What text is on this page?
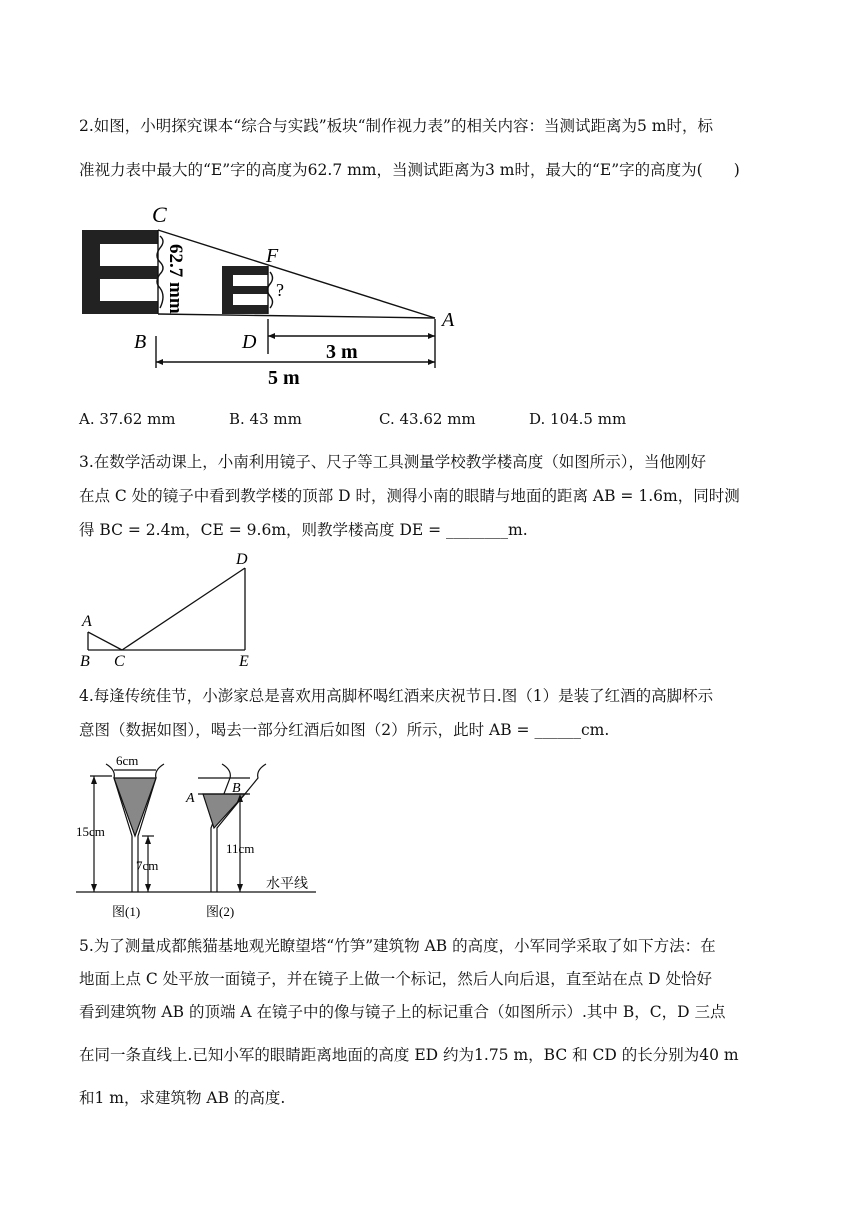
2.如图，小明探究课本“综合与实践”板块“制作视力表”的相关内容：当测试距离为5 m时，标
准视力表中最大的“E”字的高度为62.7 mm，当测试距离为3 m时，最大的“E”字的高度为(　　)
C
F
A
B	D
62.7 mm	?
3 m
5 m
A. 37.62 mm	B. 43 mm	C. 43.62 mm	D. 104.5 mm
3.在数学活动课上，小南利用镜子、尺子等工具测量学校教学楼高度（如图所示），当他刚好
在点 C 处的镜子中看到教学楼的顶部 D 时，测得小南的眼睛与地面的距离 AB = 1.6m，同时测
得 BC = 2.4m，CE = 9.6m，则教学楼高度 DE = ________m.
A
B C
D
E
4.每逢传统佳节，小澎家总是喜欢用高脚杯喝红酒来庆祝节日.图（1）是装了红酒的高脚杯示
意图（数据如图），喝去一部分红酒后如图（2）所示，此时 AB = ______cm.
6cm
15cm
7cm
11cm
A
B
水平线
图(1)	图(2)
5.为了测量成都熊猫基地观光瞭望塔“竹笋”建筑物 AB 的高度，小军同学采取了如下方法：在
地面上点 C 处平放一面镜子，并在镜子上做一个标记，然后人向后退，直至站在点 D 处恰好
看到建筑物 AB 的顶端 A 在镜子中的像与镜子上的标记重合（如图所示）.其中 B，C，D 三点
在同一条直线上.已知小军的眼睛距离地面的高度 ED 约为1.75 m，BC 和 CD 的长分别为40 m
和1 m，求建筑物 AB 的高度.
